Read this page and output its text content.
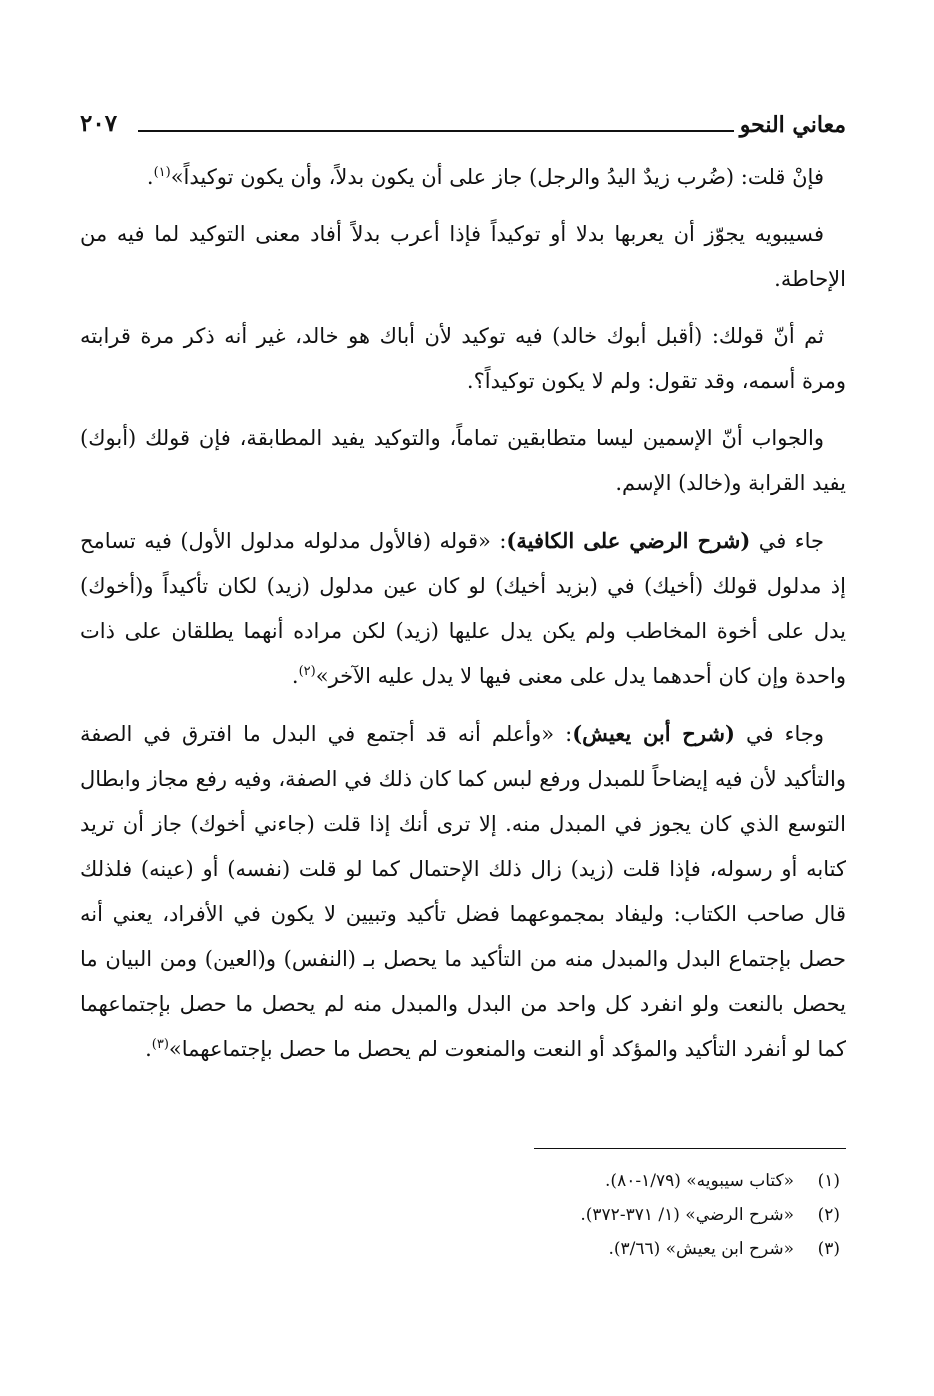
معاني النحو
٢٠٧

فإنْ قلت: (ضُرب زيدٌ اليدُ والرجل) جاز على أن يكون بدلاً، وأن يكون توكيداً»$^{(١)}$.

فسيبويه يجوّز أن يعربها بدلا أو توكيداً فإذا أعرب بدلاً أفاد معنى التوكيد لما فيه من الإحاطة.

ثم أنّ قولك: (أقبل أبوك خالد) فيه توكيد لأن أباك هو خالد، غير أنه ذكر مرة قرابته ومرة أسمه، وقد تقول: ولم لا يكون توكيداً؟.

والجواب أنّ الإسمين ليسا متطابقين تماماً، والتوكيد يفيد المطابقة، فإن قولك (أبوك) يفيد القرابة و(خالد) الإسم.

جاء في (شرح الرضي على الكافية): «قوله (فالأول مدلوله مدلول الأول) فيه تسامح إذ مدلول قولك (أخيك) في (بزيد أخيك) لو كان عين مدلول (زيد) لكان تأكيداً و(أخوك) يدل على أخوة المخاطب ولم يكن يدل عليها (زيد) لكن مراده أنهما يطلقان على ذات واحدة وإن كان أحدهما يدل على معنى فيها لا يدل عليه الآخر»$^{(٢)}$.

وجاء في (شرح أبن يعيش): «وأعلم أنه قد أجتمع في البدل ما افترق في الصفة والتأكيد لأن فيه إيضاحاً للمبدل ورفع لبس كما كان ذلك في الصفة، وفيه رفع مجاز وابطال التوسع الذي كان يجوز في المبدل منه. إلا ترى أنك إذا قلت (جاءني أخوك) جاز أن تريد كتابه أو رسوله، فإذا قلت (زيد) زال ذلك الإحتمال كما لو قلت (نفسه) أو (عينه) فلذلك قال صاحب الكتاب: وليفاد بمجموعهما فضل تأكيد وتبيين لا يكون في الأفراد، يعني أنه حصل بإجتماع البدل والمبدل منه من التأكيد ما يحصل بـ (النفس) و(العين) ومن البيان ما يحصل بالنعت ولو انفرد كل واحد من البدل والمبدل منه لم يحصل ما حصل بإجتماعهما كما لو أنفرد التأكيد والمؤكد أو النعت والمنعوت لم يحصل ما حصل بإجتماعهما»$^{(٣)}$.

(١)
«كتاب سيبويه» (١/٧٩-٨٠).
(٢)
«شرح الرضي» (١/ ٣٧١-٣٧٢).
(٣)
«شرح ابن يعيش» (٣/٦٦).
